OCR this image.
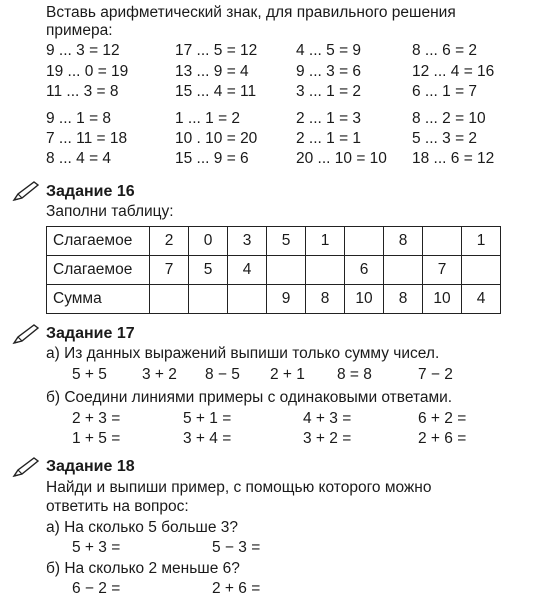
Вставь арифметический знак, для правильного решения
примера:
9 ... 3 = 12	17 ... 5 = 12 4 ... 5 = 9	8 ... 6 = 2
19 ... 0 = 19	13 ... 9 = 4	9 ... 3 = 6	12 ... 4 = 16
11 ... 3 = 8	15 ... 4 = 11	3 ... 1 = 2	6 ... 1 = 7
9 ... 1 = 8	1 ... 1 = 2	2 ... 1 = 3	8 ... 2 = 10
7 ... 11 = 18	10 . 10 = 20 2 ... 1 = 1	5 ... 3 = 2
8 ... 4 = 4	15 ... 9 = 6	20 ... 10 = 10 18 ... 6 = 12
Задание 16
Заполни таблицу:
Слагаемое	2	0	3	5	1		8		1
Слагаемое	7	5	4			6		7	
Сумма				9	8	10	8	10	4
Задание 17
а) Из данных выражений выпиши только сумму чисел.
5 + 5 3 + 2 8 − 5 2 + 1 8 = 8	7 − 2
б) Соедини линиями примеры с одинаковыми ответами.
2 + 3 =	5 + 1 =	4 + 3 =	6 + 2 =
1 + 5 =	3 + 4 =	3 + 2 =	2 + 6 =
Задание 18
Найди и выпиши пример, с помощью которого можно
ответить на вопрос:
а) На сколько 5 больше 3?
5 + 3 =	5 − 3 =
б) На сколько 2 меньше 6?
6 − 2 =	2 + 6 =
